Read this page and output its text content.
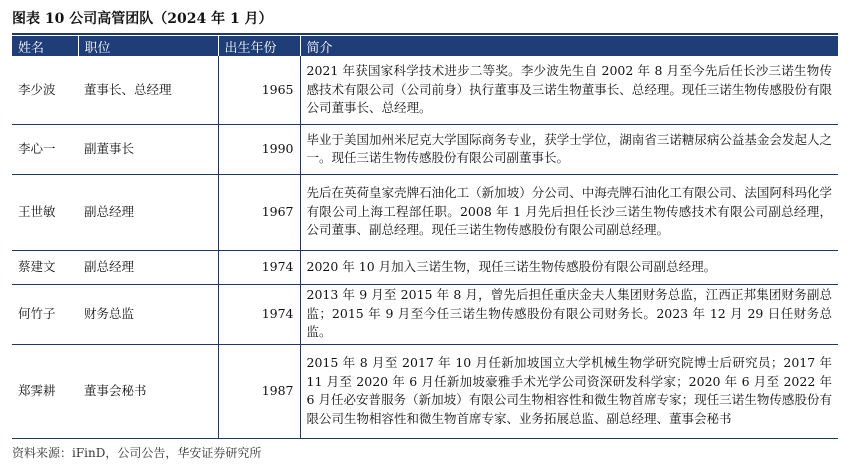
图表 10 公司高管团队（2024 年 1 月）
姓名	职位	出生年份	简介
李少波	董事长、总经理	1965	2021 年获国家科学技术进步二等奖。李少波先生自 2002 年 8 月至今先后任长沙三诺生物传感技术有限公司（公司前身）执行董事及三诺生物董事长、总经理。现任三诺生物传感股份有限公司董事长、总经理。
李心一	副董事长	1990	毕业于美国加州米尼克大学国际商务专业，获学士学位，湖南省三诺糖尿病公益基金会发起人之一。现任三诺生物传感股份有限公司副董事长。
王世敏	副总经理	1967	先后在英荷皇家壳牌石油化工（新加坡）分公司、中海壳牌石油化工有限公司、法国阿科玛化学有限公司上海工程部任职。2008 年 1 月先后担任长沙三诺生物传感技术有限公司副总经理，公司董事、副总经理。现任三诺生物传感股份有限公司副总经理。
蔡建文	副总经理	1974	2020 年 10 月加入三诺生物，现任三诺生物传感股份有限公司副总经理。
何竹子	财务总监	1974	2013 年 9 月至 2015 年 8 月，曾先后担任重庆金夫人集团财务总监，江西正邦集团财务副总监；2015 年 9 月至今任三诺生物传感股份有限公司财务长。2023 年 12 月 29 日任财务总监。
郑霁耕	董事会秘书	1987	2015 年 8 月至 2017 年 10 月任新加坡国立大学机械生物学研究院博士后研究员；2017 年 11 月至 2020 年 6 月任新加坡豪雅手术光学公司资深研发科学家；2020 年 6 月至 2022 年 6 月任必安普服务（新加坡）有限公司生物相容性和微生物首席专家；现任三诺生物传感股份有限公司生物相容性和微生物首席专家、业务拓展总监、副总经理、董事会秘书
资料来源：iFinD，公司公告，华安证券研究所
